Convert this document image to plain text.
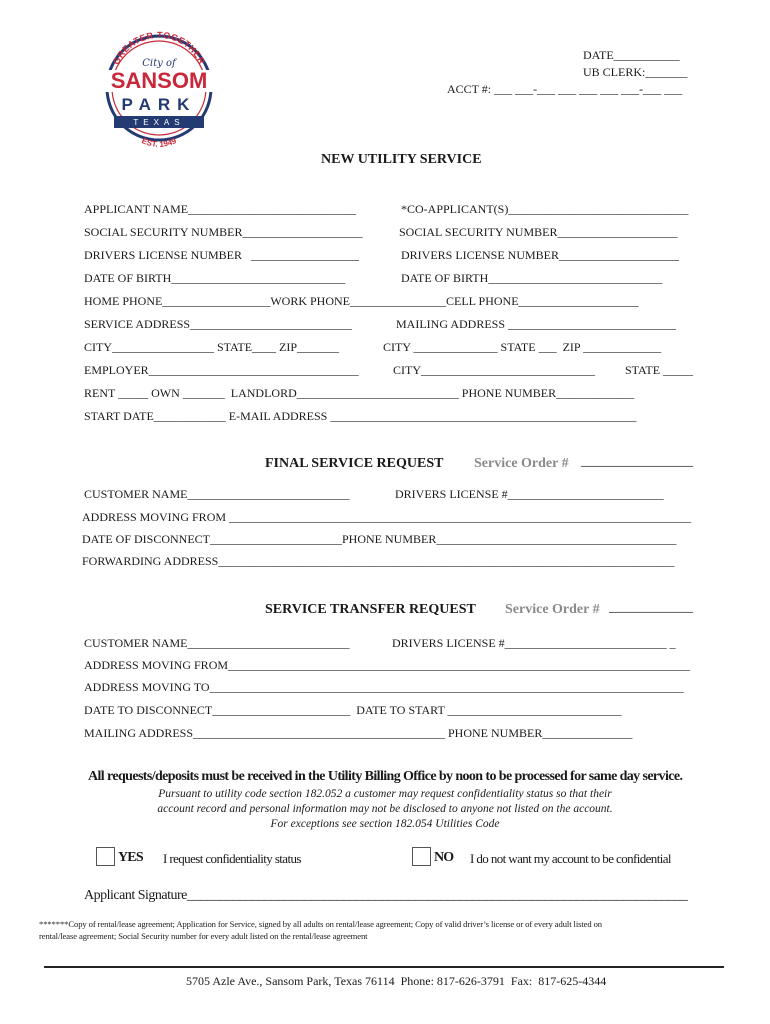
GREATER TOGETHER
City of
SANSOM
PARK
TEXAS
EST. 1949
DATE___________
UB CLERK:_______
ACCT #: ___ ___-___ ___ ___ ___ ___-___ ___
NEW UTILITY SERVICE
APPLICANT NAME____________________________	*CO-APPLICANT(S)______________________________
SOCIAL SECURITY NUMBER____________________	SOCIAL SECURITY NUMBER____________________
DRIVERS LICENSE NUMBER   __________________	DRIVERS LICENSE NUMBER____________________
DATE OF BIRTH_____________________________	DATE OF BIRTH_____________________________
HOME PHONE__________________WORK PHONE________________CELL PHONE____________________
SERVICE ADDRESS___________________________	MAILING ADDRESS ____________________________
CITY_________________ STATE____ ZIP_______	CITY ______________ STATE ___  ZIP _____________
EMPLOYER___________________________________	CITY_____________________________	STATE _____
RENT _____ OWN _______  LANDLORD___________________________ PHONE NUMBER_____________
START DATE____________ E-MAIL ADDRESS ___________________________________________________
FINAL SERVICE REQUEST Service Order # ________________
CUSTOMER NAME___________________________	DRIVERS LICENSE #__________________________
ADDRESS MOVING FROM _____________________________________________________________________________
DATE OF DISCONNECT______________________PHONE NUMBER________________________________________
FORWARDING ADDRESS____________________________________________________________________________
SERVICE TRANSFER REQUEST Service Order # ____________
CUSTOMER NAME___________________________	DRIVERS LICENSE #___________________________ _
ADDRESS MOVING FROM_____________________________________________________________________________
ADDRESS MOVING TO_______________________________________________________________________________
DATE TO DISCONNECT_______________________  DATE TO START _____________________________
MAILING ADDRESS__________________________________________ PHONE NUMBER_______________
All requests/deposits must be received in the Utility Billing Office by noon to be processed for same day service.
Pursuant to utility code section 182.052 a customer may request confidentiality status so that their
account record and personal information may not be disclosed to anyone not listed on the account.
For exceptions see section 182.054 Utilities Code
YES I request confidentiality status	NO I do not want my account to be confidential
Applicant Signature_____________________________________________________________________________
*******Copy of rental/lease agreement; Application for Service, signed by all adults on rental/lease agreement; Copy of valid driver’s license or of every adult listed on
rental/lease agreement; Social Security number for every adult listed on the rental/lease agreement
5705 Azle Ave., Sansom Park, Texas 76114  Phone: 817-626-3791  Fax:  817-625-4344
